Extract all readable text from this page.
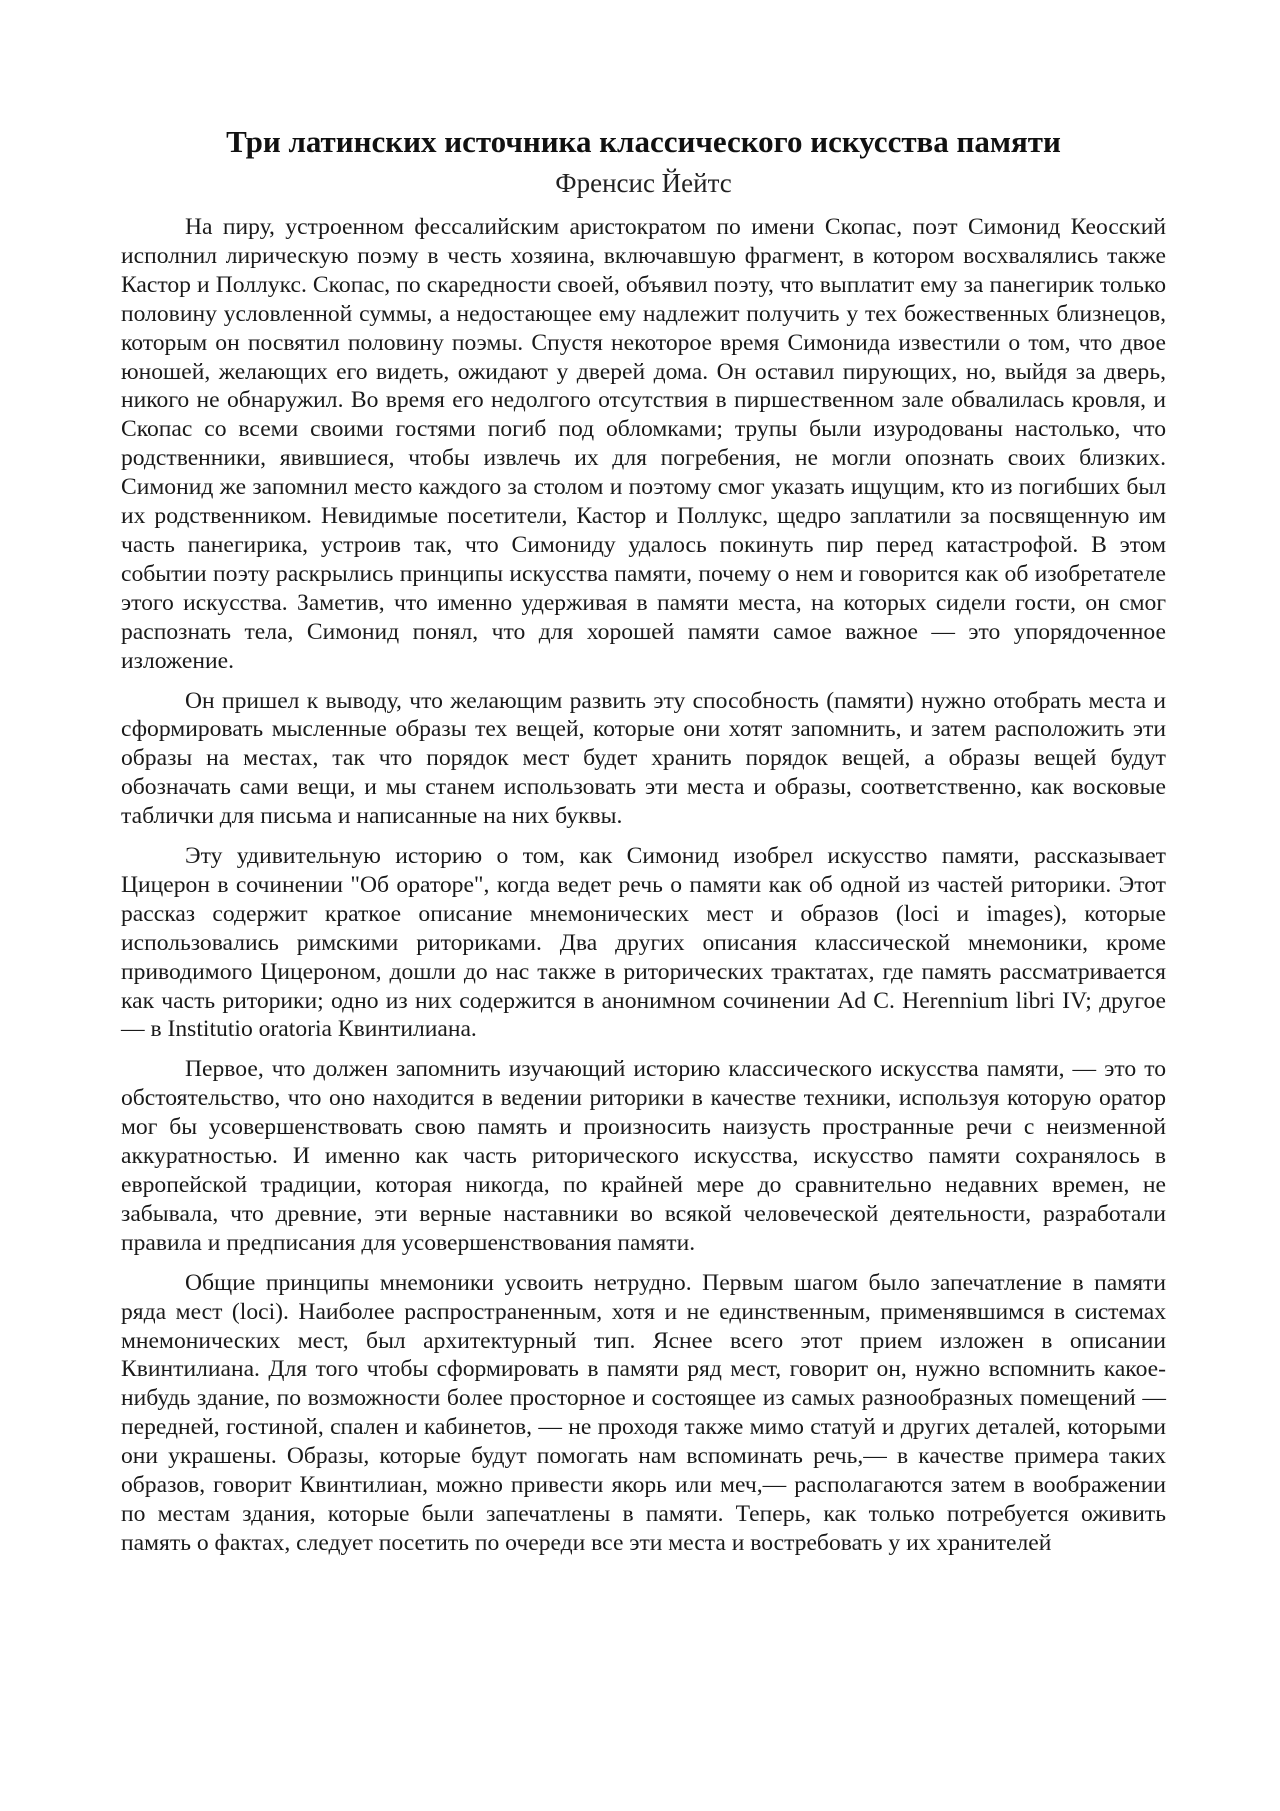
Три латинских источника классического искусства памяти
Френсис Йейтс

На пиру, устроенном фессалийским аристократом по имени Скопас, поэт Симонид Кеосский исполнил лирическую поэму в честь хозяина, включавшую фрагмент, в котором восхвалялись также Кастор и Поллукс. Скопас, по скаредности своей, объявил поэту, что выплатит ему за панегирик только половину условленной суммы, а недостающее ему надлежит получить у тех божественных близнецов, которым он посвятил половину поэмы. Спустя некоторое время Симонида известили о том, что двое юношей, желающих его видеть, ожидают у дверей дома. Он оставил пирующих, но, выйдя за дверь, никого не обнаружил. Во время его недолгого отсутствия в пиршественном зале обвалилась кровля, и Скопас со всеми своими гостями погиб под обломками; трупы были изуродованы настолько, что родственники, явившиеся, чтобы извлечь их для погребения, не могли опознать своих близких. Симонид же запомнил место каждого за столом и поэтому смог указать ищущим, кто из погибших был их родственником. Невидимые посетители, Кастор и Поллукс, щедро заплатили за посвященную им часть панегирика, устроив так, что Симониду удалось покинуть пир перед катастрофой. В этом событии поэту раскрылись принципы искусства памяти, почему о нем и говорится как об изобретателе этого искусства. Заметив, что именно удерживая в памяти места, на которых сидели гости, он смог распознать тела, Симонид понял, что для хорошей памяти самое важное — это упорядоченное изложение.

Он пришел к выводу, что желающим развить эту способность (памяти) нужно отобрать места и сформировать мысленные образы тех вещей, которые они хотят запомнить, и затем расположить эти образы на местах, так что порядок мест будет хранить порядок вещей, а образы вещей будут обозначать сами вещи, и мы станем использовать эти места и образы, соответственно, как восковые таблички для письма и написанные на них буквы.

Эту удивительную историю о том, как Симонид изобрел искусство памяти, рассказывает Цицерон в сочинении "Об ораторе", когда ведет речь о памяти как об одной из частей риторики. Этот рассказ содержит краткое описание мнемонических мест и образов (loci и images), которые использовались римскими риториками. Два других описания классической мнемоники, кроме приводимого Цицероном, дошли до нас также в риторических трактатах, где память рассматривается как часть риторики; одно из них содержится в анонимном сочинении Ad C. Herennium libri IV; другое — в Institutio oratoria Квинтилиана.

Первое, что должен запомнить изучающий историю классического искусства памяти, — это то обстоятельство, что оно находится в ведении риторики в качестве техники, используя которую оратор мог бы усовершенствовать свою память и произносить наизусть пространные речи с неизменной аккуратностью. И именно как часть риторического искусства, искусство памяти сохранялось в европейской традиции, которая никогда, по крайней мере до сравнительно недавних времен, не забывала, что древние, эти верные наставники во всякой человеческой деятельности, разработали правила и предписания для усовершенствования памяти.

Общие принципы мнемоники усвоить нетрудно. Первым шагом было запечатление в памяти ряда мест (loci). Наиболее распространенным, хотя и не единственным, применявшимся в системах мнемонических мест, был архитектурный тип. Яснее всего этот прием изложен в описании Квинтилиана. Для того чтобы сформировать в памяти ряд мест, говорит он, нужно вспомнить какое-нибудь здание, по возможности более просторное и состоящее из самых разнообразных помещений — передней, гостиной, спален и кабинетов, — не проходя также мимо статуй и других деталей, которыми они украшены. Образы, которые будут помогать нам вспоминать речь,— в качестве примера таких образов, говорит Квинтилиан, можно привести якорь или меч,— располагаются затем в воображении по местам здания, которые были запечатлены в памяти. Теперь, как только потребуется оживить память о фактах, следует посетить по очереди все эти места и востребовать у их хранителей
